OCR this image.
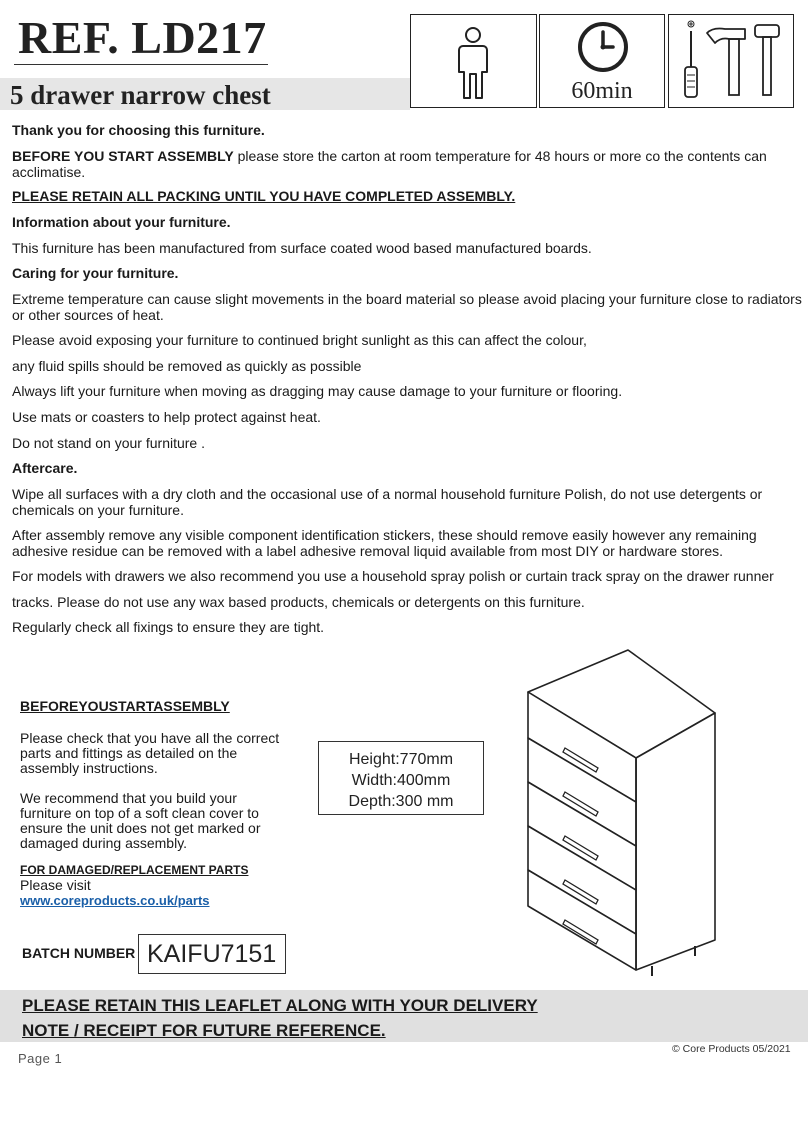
REF. LD217
5 drawer narrow chest	60min
Thank you for choosing this furniture.
BEFORE YOU START ASSEMBLY please store the carton at room temperature for 48 hours or more co the contents can acclimatise.
PLEASE RETAIN ALL PACKING UNTIL YOU HAVE COMPLETED ASSEMBLY.
Information about your furniture.
This furniture has been manufactured from surface coated wood based manufactured boards.
Caring for your furniture.
Extreme temperature can cause slight movements in the board material so please avoid placing your furniture close to radiators or other sources of heat.
Please avoid exposing your furniture to continued bright sunlight as this can affect the colour,
any fluid spills should be removed as quickly as possible
Always lift your furniture when moving as dragging may cause damage to your furniture or flooring.
Use mats or coasters to help protect against heat.
Do not stand on your furniture .
Aftercare.
Wipe all surfaces with a dry cloth and the occasional use of a normal household furniture Polish, do not use detergents or chemicals on your furniture.
After assembly remove any visible component identification stickers, these should remove easily however any remaining adhesive residue can be removed with a label adhesive removal liquid available from most DIY or hardware stores.
For models with drawers we also recommend you use a household spray polish or curtain track spray on the drawer runner
tracks. Please do not use any wax based products, chemicals or detergents on this furniture.
Regularly check all fixings to ensure they are tight.
BEFOREYOUSTARTASSEMBLY
Please check that you have all the correct parts and fittings as detailed on the assembly instructions.
We recommend that you build your furniture on top of a soft clean cover to ensure the unit does not get marked or damaged during assembly.
FOR DAMAGED/REPLACEMENT PARTS Please visit
www.coreproducts.co.uk/parts
Height:770mm
Width:400mm
Depth:300 mm
BATCH NUMBER KAIFU7151
PLEASE RETAIN THIS LEAFLET ALONG WITH YOUR DELIVERY
NOTE / RECEIPT FOR FUTURE REFERENCE.
Page 1
© Core Products 05/2021
